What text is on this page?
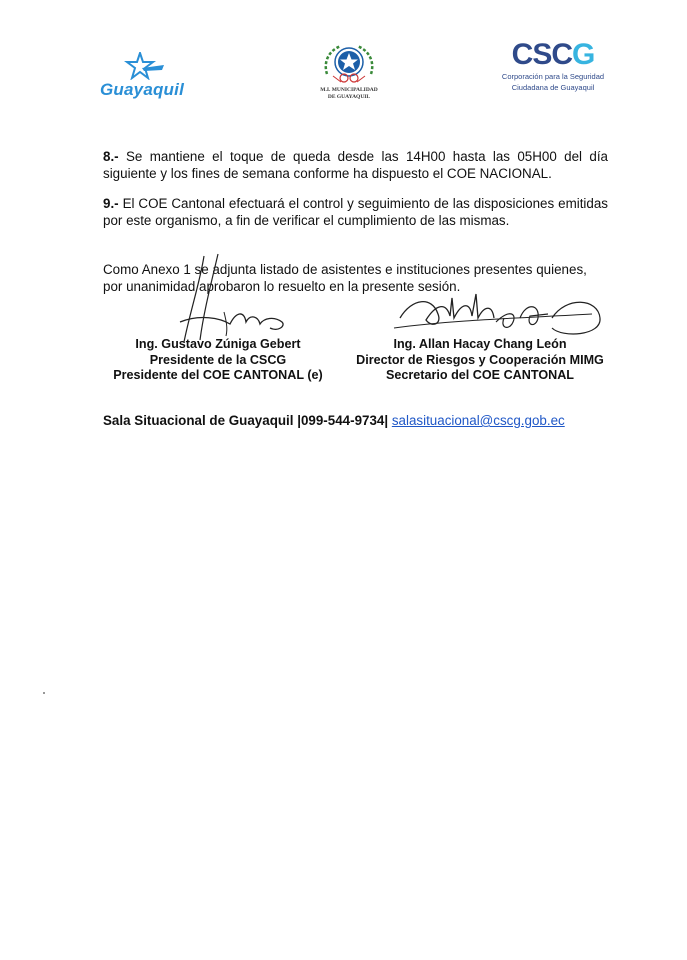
Guayaquil	M.I. MUNICIPALIDAD
DE GUAYAQUIL
CSCG
Corporación para la Seguridad
Ciudadana de Guayaquil
8.- Se mantiene el toque de queda desde las 14H00 hasta las 05H00 del día siguiente y los fines de semana conforme ha dispuesto el COE NACIONAL.
9.- El COE Cantonal efectuará el control y seguimiento de las disposiciones emitidas por este organismo, a fin de verificar el cumplimiento de las mismas.
Como Anexo 1 se adjunta listado de asistentes e instituciones presentes quienes,
por unanimidad aprobaron lo resuelto en la presente sesión.
Ing. Gustavo Zúniga Gebert
Presidente de la CSCG
Presidente del COE CANTONAL (e)
Ing. Allan Hacay Chang León
Director de Riesgos y Cooperación MIMG
Secretario del COE CANTONAL
Sala Situacional de Guayaquil |099-544-9734| salasituacional@cscg.gob.ec
